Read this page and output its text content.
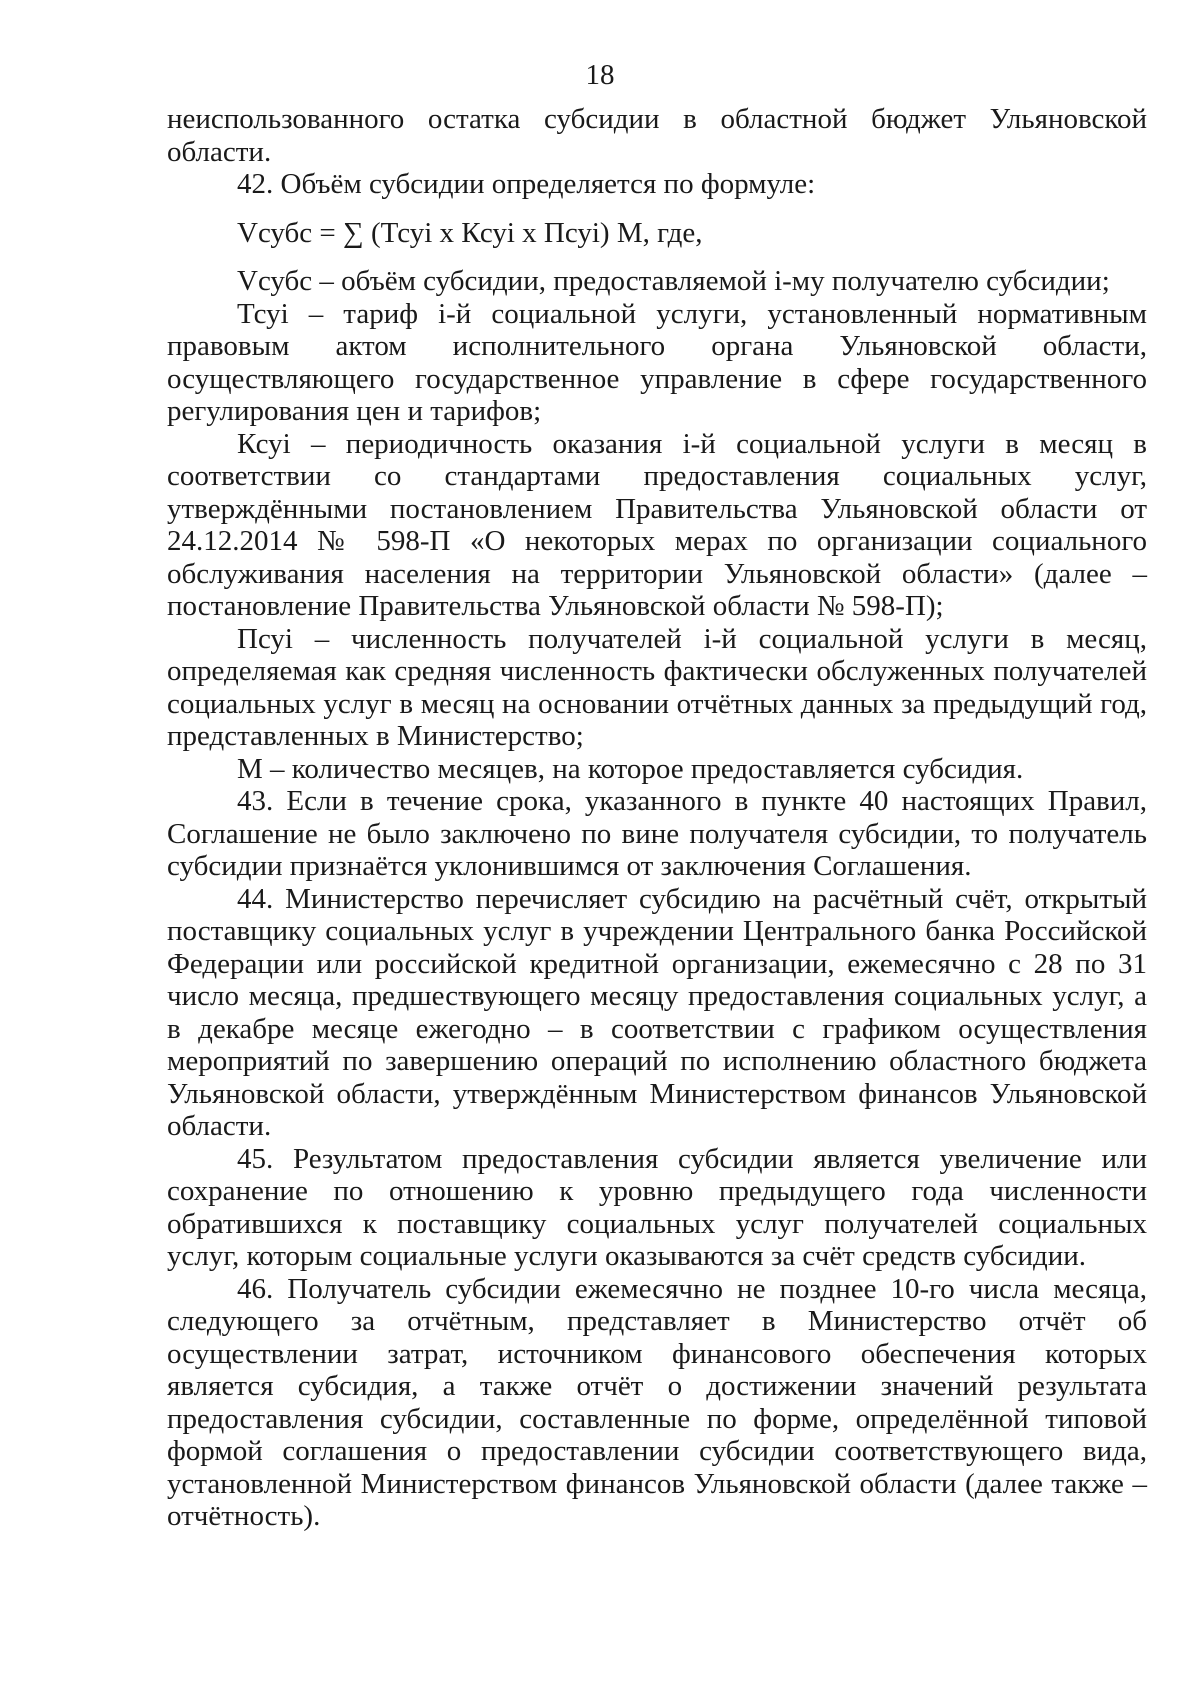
18

неиспользованного остатка субсидии в областной бюджет Ульяновской области.

42. Объём субсидии определяется по формуле:

Vсубс = ∑ (Тсуi х Ксуi х Псуi) М, где,

Vсубс – объём субсидии, предоставляемой i-му получателю субсидии;

Тсуi – тариф i-й социальной услуги, установленный нормативным правовым актом исполнительного органа Ульяновской области, осуществляющего государственное управление в сфере государственного регулирования цен и тарифов;

Ксуi – периодичность оказания i-й социальной услуги в месяц в соответствии со стандартами предоставления социальных услуг, утверждёнными постановлением Правительства Ульяновской области от 24.12.2014 № 598-П «О некоторых мерах по организации социального обслуживания населения на территории Ульяновской области» (далее – постановление Правительства Ульяновской области № 598-П);

Псуi – численность получателей i-й социальной услуги в месяц, определяемая как средняя численность фактически обслуженных получателей социальных услуг в месяц на основании отчётных данных за предыдущий год, представленных в Министерство;

М – количество месяцев, на которое предоставляется субсидия.

43. Если в течение срока, указанного в пункте 40 настоящих Правил, Соглашение не было заключено по вине получателя субсидии, то получатель субсидии признаётся уклонившимся от заключения Соглашения.

44. Министерство перечисляет субсидию на расчётный счёт, открытый поставщику социальных услуг в учреждении Центрального банка Российской Федерации или российской кредитной организации, ежемесячно с 28 по 31 число месяца, предшествующего месяцу предоставления социальных услуг, а в декабре месяце ежегодно – в соответствии с графиком осуществления мероприятий по завершению операций по исполнению областного бюджета Ульяновской области, утверждённым Министерством финансов Ульяновской области.

45. Результатом предоставления субсидии является увеличение или сохранение по отношению к уровню предыдущего года численности обратившихся к поставщику социальных услуг получателей социальных услуг, которым социальные услуги оказываются за счёт средств субсидии.

46. Получатель субсидии ежемесячно не позднее 10-го числа месяца, следующего за отчётным, представляет в Министерство отчёт об осуществлении затрат, источником финансового обеспечения которых является субсидия, а также отчёт о достижении значений результата предоставления субсидии, составленные по форме, определённой типовой формой соглашения о предоставлении субсидии соответствующего вида, установленной Министерством финансов Ульяновской области (далее также – отчётность).
